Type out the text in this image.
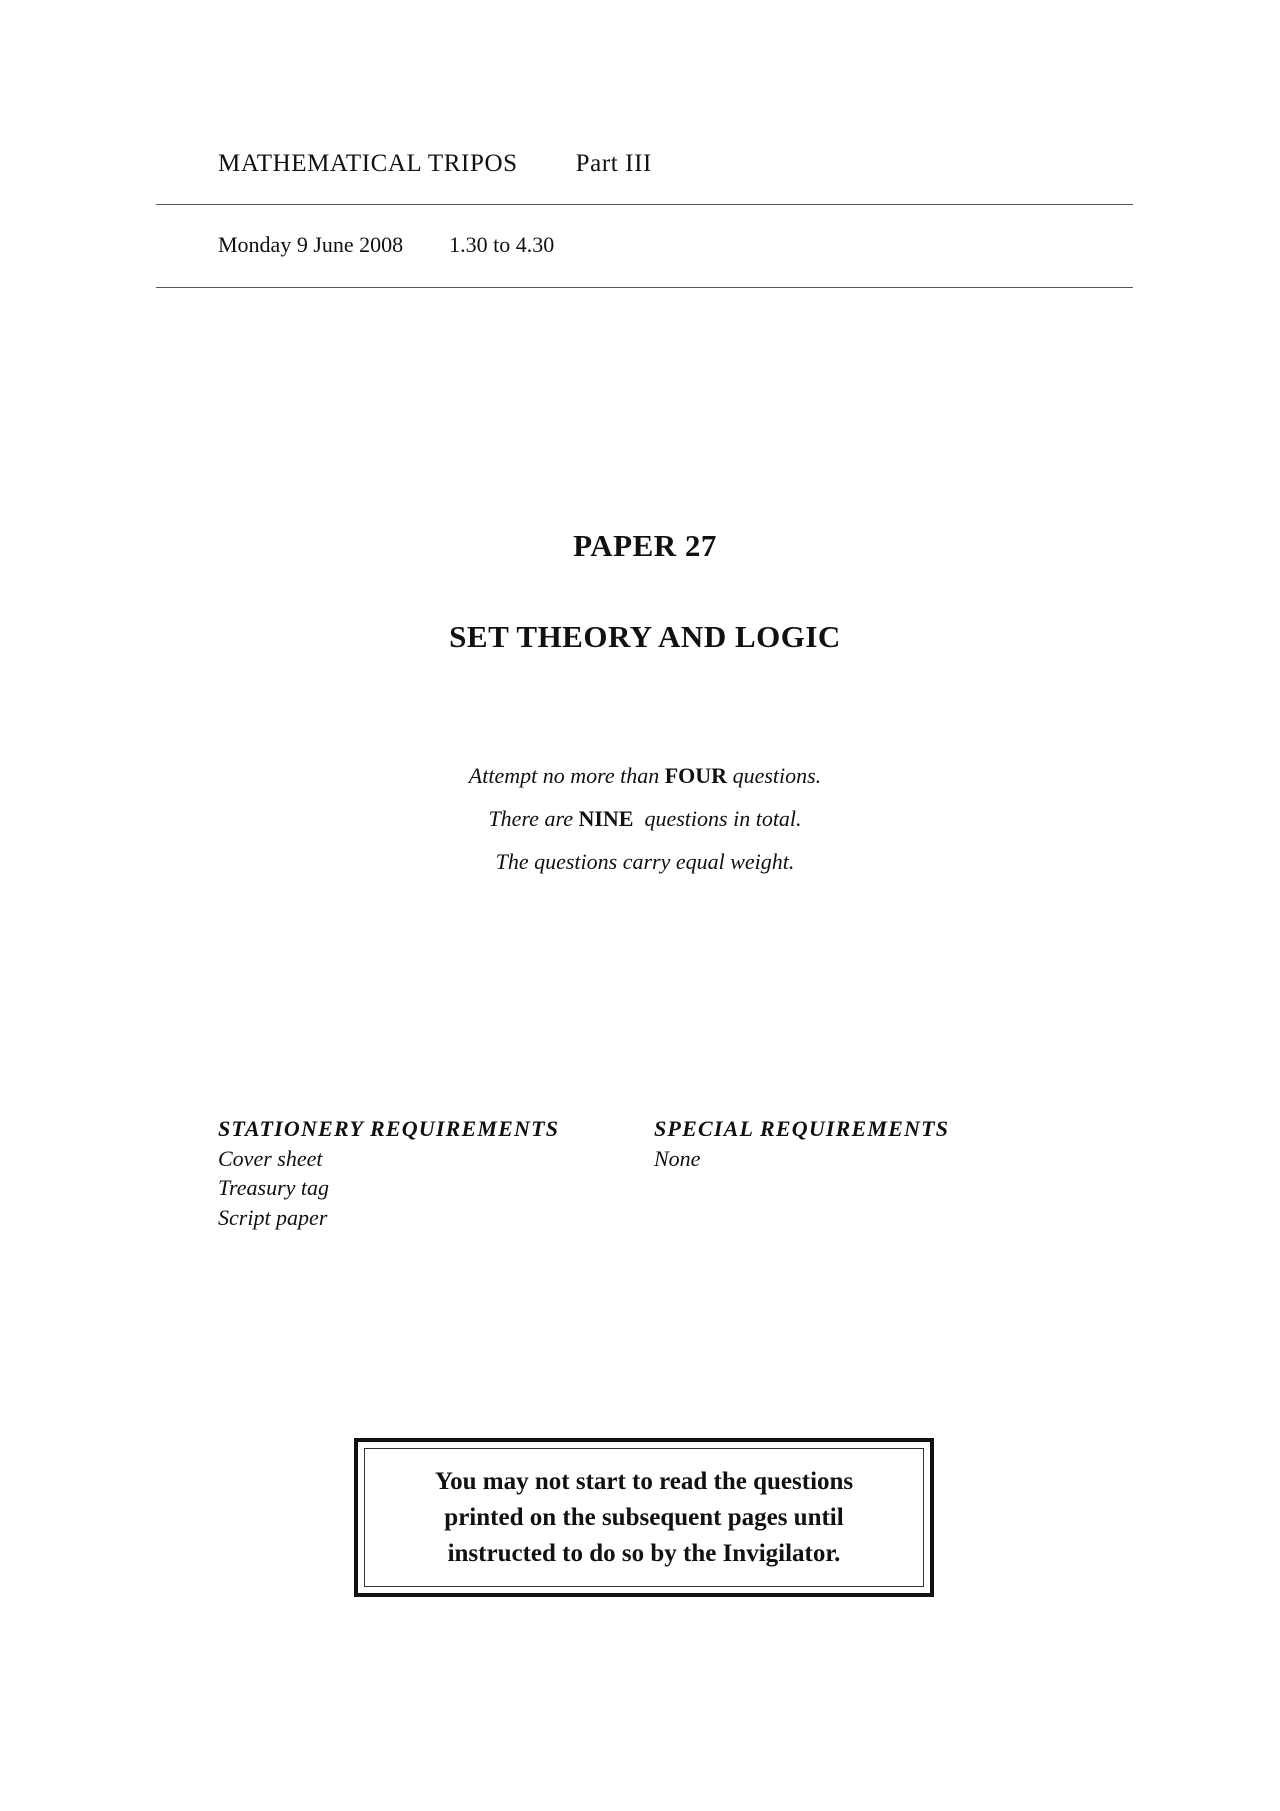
MATHEMATICAL TRIPOS Part III
Monday 9 June 2008 1.30 to 4.30
PAPER 27
SET THEORY AND LOGIC
Attempt no more than FOUR questions.
There are NINE questions in total.
The questions carry equal weight.
STATIONERY REQUIREMENTS
Cover sheet
Treasury tag
Script paper
SPECIAL REQUIREMENTS
None
You may not start to read the questions
printed on the subsequent pages until
instructed to do so by the Invigilator.
